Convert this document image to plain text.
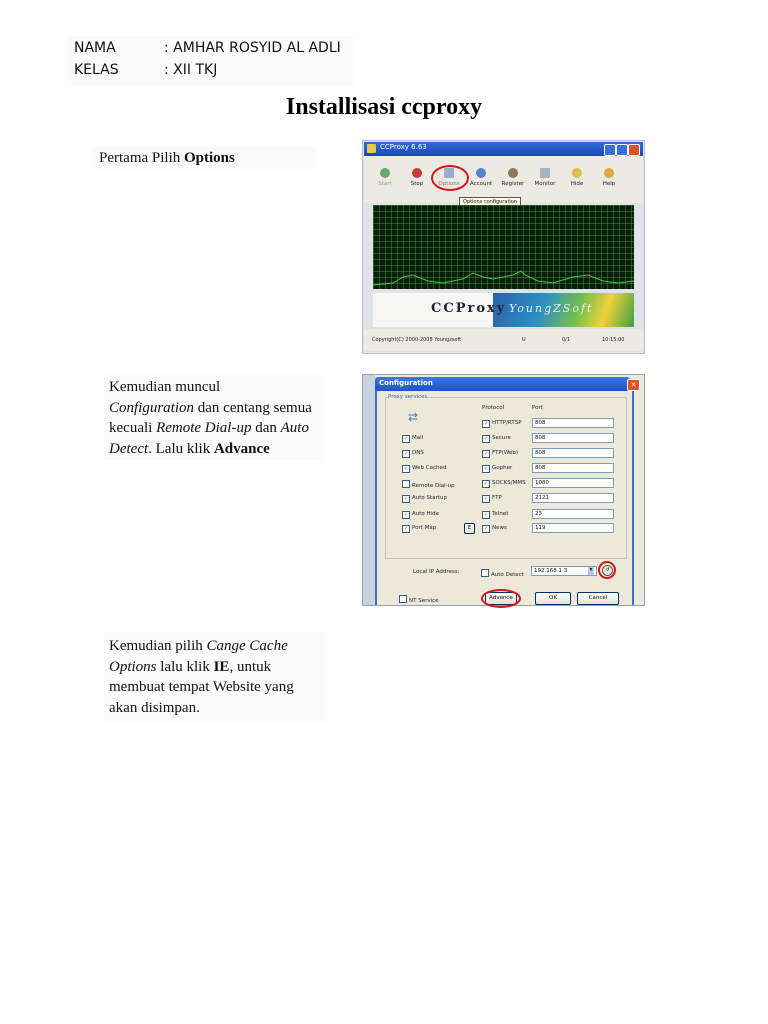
NAMA	: AMHAR ROSYID AL ADLI
KELAS	: XII TKJ
Installisasi ccproxy
Pertama Pilih Options
Kemudian muncul
Configuration dan centang semua kecuali Remote Dial-up dan Auto Detect. Lalu klik Advance
Kemudian pilih Cange Cache Options lalu klik IE, untuk membuat tempat Website yang akan disimpan.
CCProxy 6.63
Start	Stop	Options	Account	Register	Monitor	Hide	Help
Options configuration
CCProxy YoungZSoft
Copyright(C) 2000-2008 Youngzsoft	U	0/1	10:15:00
Configuration	✕
Proxy services
⇄
Protocol	Port
✓ Mail
✓ DNS
✓ Web Cached
Remote Dial-up
✓ Auto Startup
✓ Auto Hide
✓ Port Map	E
✓ HTTP/RTSP	808
✓ Secure	808
✓ FTP(Web)	808
✓ Gopher	808
✓ SOCKS/MMS	1080
✓ FTP	2121
✓ Telnet	23
✓ News	119
Local IP Address:	Auto Detect
192.168.1.3	▼	↺
NT Service	Advance	OK	Cancel
